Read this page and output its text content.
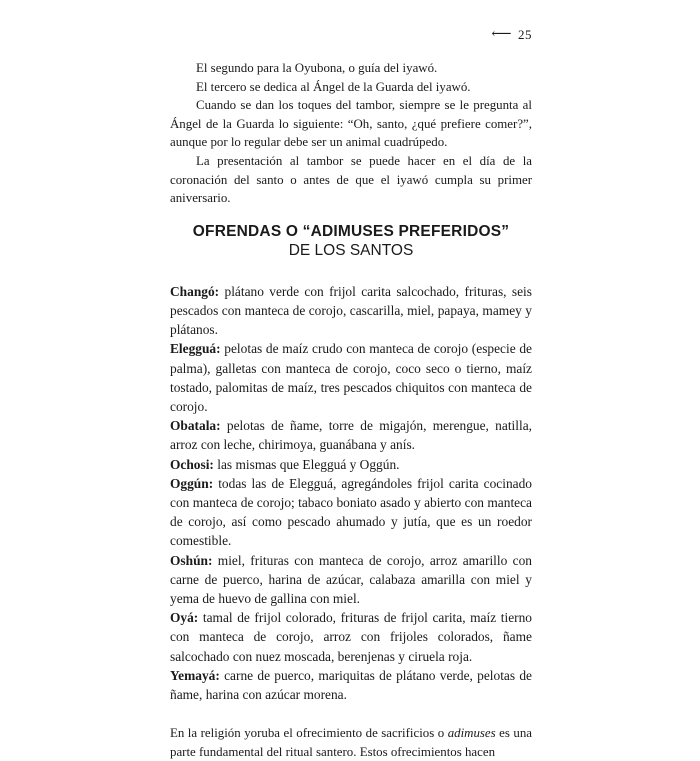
⟵ 25

El segundo para la Oyubona, o guía del iyawó.

El tercero se dedica al Ángel de la Guarda del iyawó.

Cuando se dan los toques del tambor, siempre se le pregunta al Ángel de la Guarda lo siguiente: “Oh, santo, ¿qué prefiere comer?”, aunque por lo regular debe ser un animal cuadrúpedo.

La presentación al tambor se puede hacer en el día de la coronación del santo o antes de que el iyawó cumpla su primer aniversario.

OFRENDAS O “ADIMUSES PREFERIDOS”
DE LOS SANTOS

Changó: plátano verde con frijol carita salcochado, frituras, seis pescados con manteca de corojo, cascarilla, miel, papaya, mamey y plátanos.

Elegguá: pelotas de maíz crudo con manteca de corojo (especie de palma), galletas con manteca de corojo, coco seco o tierno, maíz tostado, palomitas de maíz, tres pescados chiquitos con manteca de corojo.

Obatala: pelotas de ñame, torre de migajón, merengue, natilla, arroz con leche, chirimoya, guanábana y anís.

Ochosi: las mismas que Elegguá y Oggún.

Oggún: todas las de Elegguá, agregándoles frijol carita cocinado con manteca de corojo; tabaco boniato asado y abierto con manteca de corojo, así como pescado ahumado y jutía, que es un roedor comestible.

Oshún: miel, frituras con manteca de corojo, arroz amarillo con carne de puerco, harina de azúcar, calabaza amarilla con miel y yema de huevo de gallina con miel.

Oyá: tamal de frijol colorado, frituras de frijol carita, maíz tierno con manteca de corojo, arroz con frijoles colorados, ñame salcochado con nuez moscada, berenjenas y ciruela roja.

Yemayá: carne de puerco, mariquitas de plátano verde, pelotas de ñame, harina con azúcar morena.

En la religión yoruba el ofrecimiento de sacrificios o adimuses es una parte fundamental del ritual santero. Estos ofrecimientos hacen
